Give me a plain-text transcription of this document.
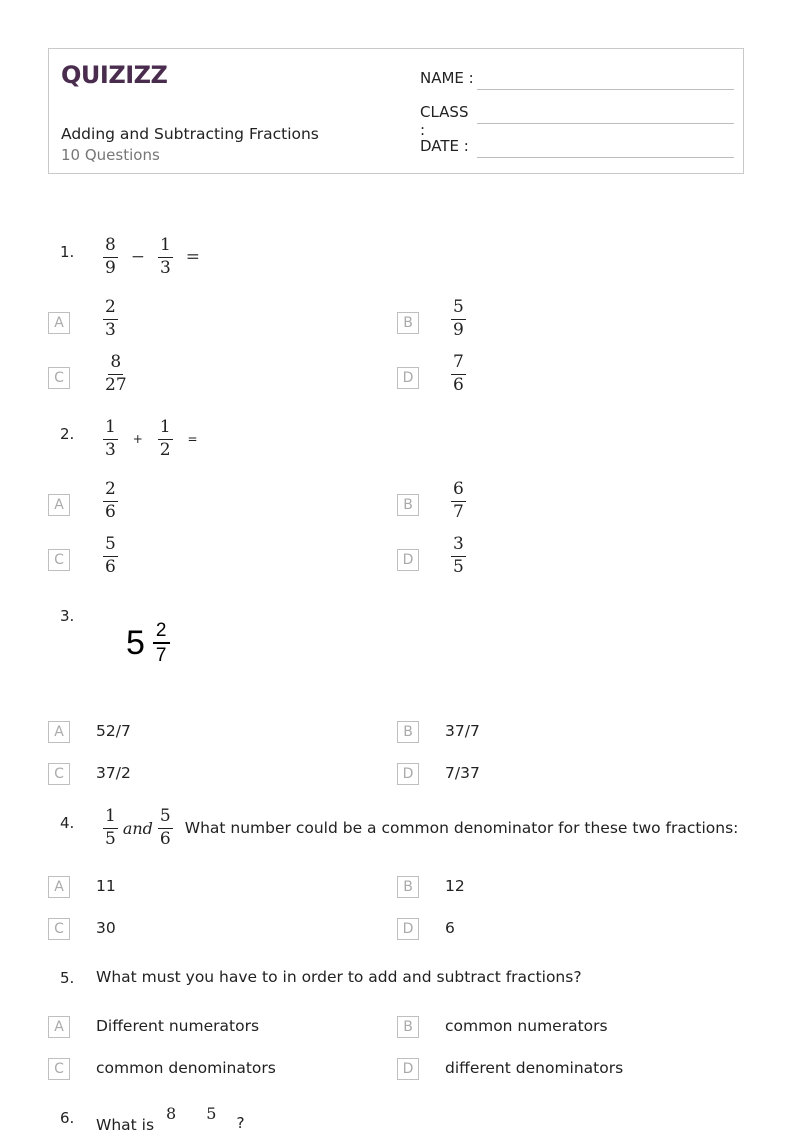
QUIZIZZ
Adding and Subtracting Fractions
10 Questions
NAME :
CLASS :
DATE :
1. $\frac{8}{9} - \frac{1}{3}$ =
A	$\frac{2}{3}$	B	$\frac{5}{9}$
C	$\frac{8}{27}$	D	$\frac{7}{6}$
2. $\frac{1}{3} + \frac{1}{2}$ =
A	$\frac{2}{6}$	B	$\frac{6}{7}$
C	$\frac{5}{6}$	D	$\frac{3}{5}$
3.
$5 \frac{2}{7}$
A	52/7	B	37/7
C	37/2	D	7/37
4. $\frac{1}{5}$ and $\frac{5}{6}$ What number could be a common denominator for these two fractions:
A	11	B	12
C	30	D	6
5. What must you have to in order to add and subtract fractions?
A	Different numerators	B	common numerators
C	common denominators	D	different denominators
6. What is
8 5 ?
